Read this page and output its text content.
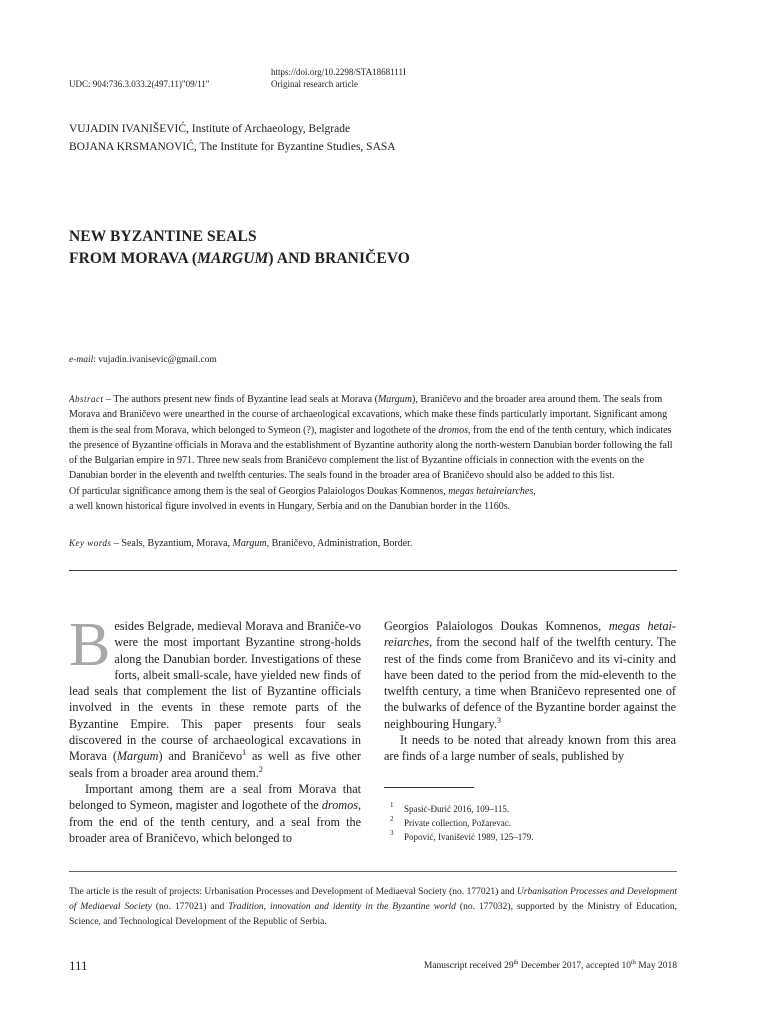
https://doi.org/10.2298/STA1868111I
UDC: 904:736.3.033.2(497.11)"09/11"	Original research article
VUJADIN IVANIŠEVIĆ, Institute of Archaeology, Belgrade
BOJANA KRSMANOVIĆ, The Institute for Byzantine Studies, SASA
NEW BYZANTINE SEALS
FROM MORAVA (MARGUM) AND BRANIČEVO
e-mail: vujadin.ivanisevic@gmail.com
Abstract – The authors present new finds of Byzantine lead seals at Morava (Margum), Braničevo and the broader area around them. The seals from Morava and Braničevo were unearthed in the course of archaeological excavations, which make these finds particularly important. Significant among them is the seal from Morava, which belonged to Symeon (?), magister and logothete of the dromos, from the end of the tenth century, which indicates the presence of Byzantine officials in Morava and the establishment of Byzantine authority along the north-western Danubian border following the fall of the Bulgarian empire in 971. Three new seals from Braničevo complement the list of Byzantine officials in connection with the events on the Danubian border in the eleventh and twelfth centuries. The seals found in the broader area of Braničevo should also be added to this list.
Of particular significance among them is the seal of Georgios Palaiologos Doukas Komnenos, megas hetaireiarches,
a well known historical figure involved in events in Hungary, Serbia and on the Danubian border in the 1160s.
Key words – Seals, Byzantium, Morava, Margum, Braničevo, Administration, Border.

Besides Belgrade, medieval Morava and Braniče-vo were the most important Byzantine strong-holds along the Danubian border. Investigations of these forts, albeit small-scale, have yielded new finds of lead seals that complement the list of Byzantine officials involved in the events in these remote parts of the Byzantine Empire. This paper presents four seals discovered in the course of archaeological excavations in Morava (Margum) and Braničevo$^1$ as well as five other seals from a broader area around them.$^2$

Important among them are a seal from Morava that belonged to Symeon, magister and logothete of the dromos, from the end of the tenth century, and a seal from the broader area of Braničevo, which belonged to

Georgios Palaiologos Doukas Komnenos, megas hetai-reiarches, from the second half of the twelfth century. The rest of the finds come from Braničevo and its vi-cinity and have been dated to the period from the mid-eleventh to the twelfth century, a time when Braničevo represented one of the bulwarks of defence of the Byzantine border against the neighbouring Hungary.$^3$

It needs to be noted that already known from this area are finds of a large number of seals, published by

1 Spasić-Đurić 2016, 109–115.
2 Private collection, Požarevac.
3 Popović, Ivanišević 1989, 125–179.
The article is the result of projects: Urbanisation Processes and Development of Mediaeval Society (no. 177021) and Urbanisation Processes and Development of Mediaeval Society (no. 177021) and Tradition, innovation and identity in the Byzantine world (no. 177032), supported by the Ministry of Education, Science, and Technological Development of the Republic of Serbia.
111	Manuscript received 29th December 2017, accepted 10th May 2018
